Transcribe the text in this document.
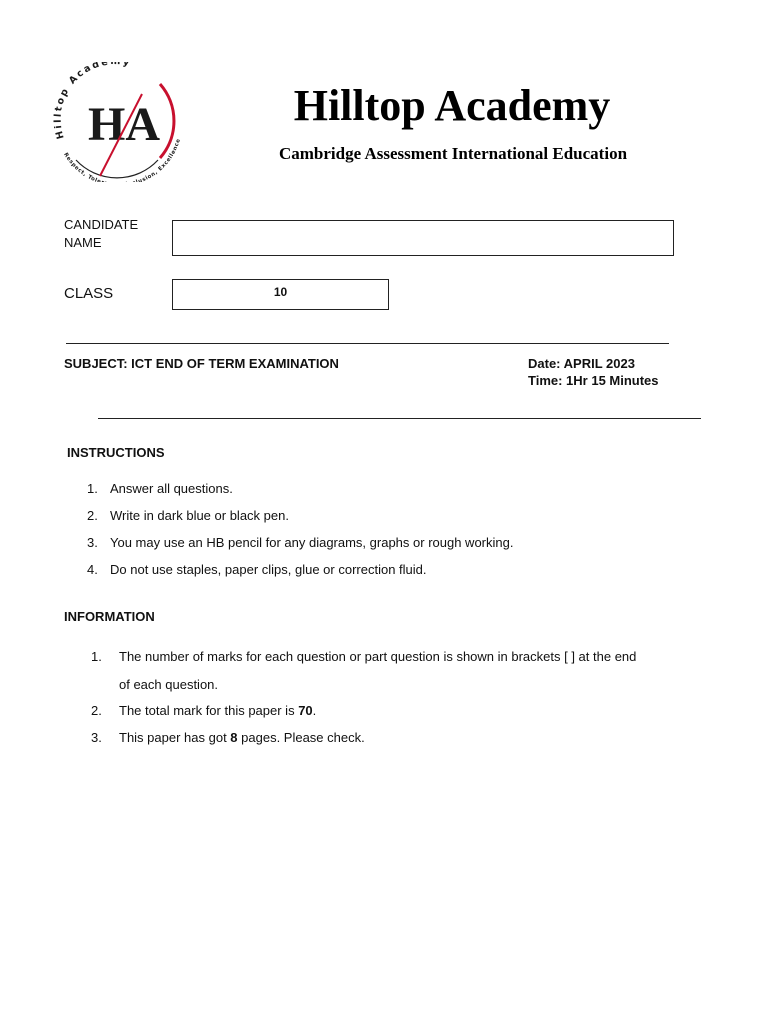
Hilltop Acade y
Respect, Tole usion, Excellence
HA	Hilltop Academy
Cambridge Assessment International Education
CANDIDATE
NAME
CLASS	10
SUBJECT: ICT END OF TERM EXAMINATION	Date: APRIL 2023
Time: 1Hr 15 Minutes
INSTRUCTIONS
1. Answer all questions.
2. Write in dark blue or black pen.
3. You may use an HB pencil for any diagrams, graphs or rough working.
4. Do not use staples, paper clips, glue or correction fluid.
INFORMATION
1. The number of marks for each question or part question is shown in brackets [ ] at the end
of each question.
2. The total mark for this paper is 70.
3. This paper has got 8 pages. Please check.
